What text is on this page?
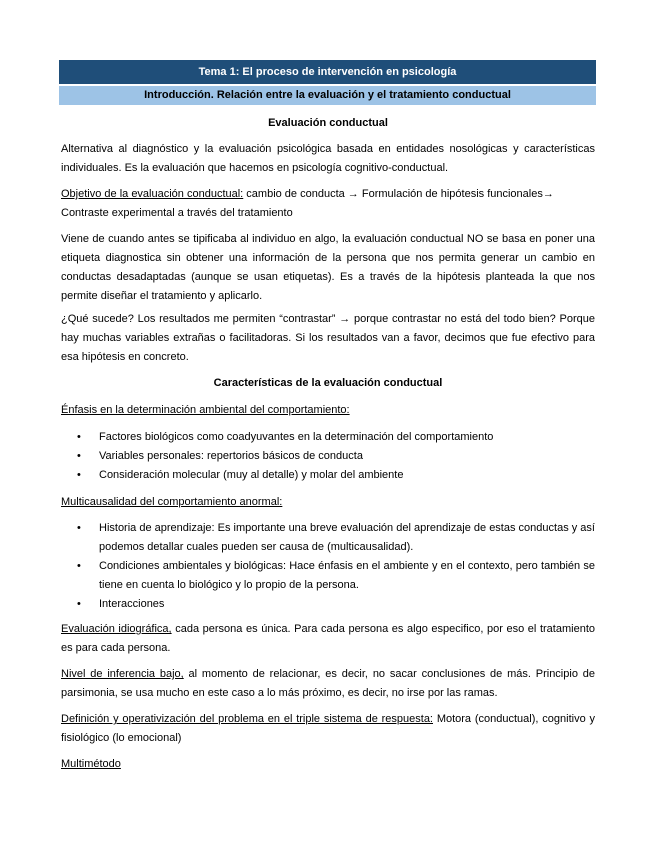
Tema 1: El proceso de intervención en psicología
Introducción. Relación entre la evaluación y el tratamiento conductual
Evaluación conductual
Alternativa al diagnóstico y la evaluación psicológica basada en entidades nosológicas y características individuales. Es la evaluación que hacemos en psicología cognitivo-conductual.
Objetivo de la evaluación conductual: cambio de conducta → Formulación de hipótesis funcionales→ Contraste experimental a través del tratamiento
Viene de cuando antes se tipificaba al individuo en algo, la evaluación conductual NO se basa en poner una etiqueta diagnostica sin obtener una información de la persona que nos permita generar un cambio en conductas desadaptadas (aunque se usan etiquetas). Es a través de la hipótesis planteada la que nos permite diseñar el tratamiento y aplicarlo.
¿Qué sucede? Los resultados me permiten “contrastar” → porque contrastar no está del todo bien? Porque hay muchas variables extrañas o facilitadoras. Si los resultados van a favor, decimos que fue efectivo para esa hipótesis en concreto.
Características de la evaluación conductual
Énfasis en la determinación ambiental del comportamiento:
• Factores biológicos como coadyuvantes en la determinación del comportamiento
• Variables personales: repertorios básicos de conducta
• Consideración molecular (muy al detalle) y molar del ambiente
Multicausalidad del comportamiento anormal:
• Historia de aprendizaje: Es importante una breve evaluación del aprendizaje de estas conductas y así podemos detallar cuales pueden ser causa de (multicausalidad).
• Condiciones ambientales y biológicas: Hace énfasis en el ambiente y en el contexto, pero también se tiene en cuenta lo biológico y lo propio de la persona.
• Interacciones
Evaluación idiográfica, cada persona es única. Para cada persona es algo especifico, por eso el tratamiento es para cada persona.
Nivel de inferencia bajo, al momento de relacionar, es decir, no sacar conclusiones de más. Principio de parsimonia, se usa mucho en este caso a lo más próximo, es decir, no irse por las ramas.
Definición y operativización del problema en el triple sistema de respuesta: Motora (conductual), cognitivo y fisiológico (lo emocional)
Multimétodo
